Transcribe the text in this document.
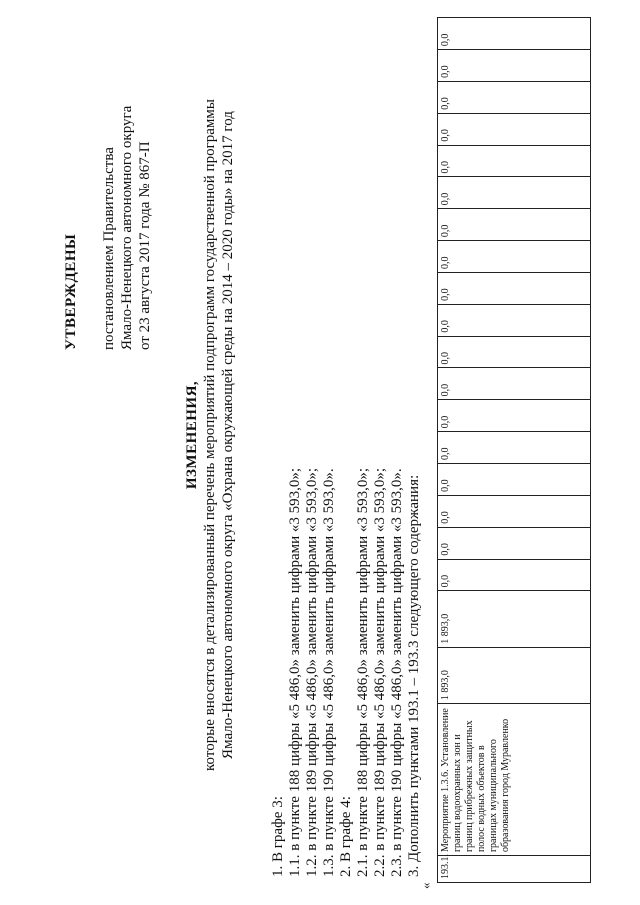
УТВЕРЖДЕНЫ постановлением Правительства Ямало-Ненецкого автономного округа от 23 августа 2017 года № 867-П
ИЗМЕНЕНИЯ, которые вносятся в детализированный перечень мероприятий подпрограмм государственной программы Ямало-Ненецкого автономного округа «Охрана окружающей среды на 2014 – 2020 годы» на 2017 год
1. В графе 3: 1.1. в пункте 188 цифры «5 486,0» заменить цифрами «3 593,0»; 1.2. в пункте 189 цифры «5 486,0» заменить цифрами «3 593,0»; 1.3. в пункте 190 цифры «5 486,0» заменить цифрами «3 593,0». 2. В графе 4: 2.1. в пункте 188 цифры «5 486,0» заменить цифрами «3 593,0»; 2.2. в пункте 189 цифры «5 486,0» заменить цифрами «3 593,0»; 2.3. в пункте 190 цифры «5 486,0» заменить цифрами «3 593,0». 3. Дополнить пунктами 193.1 – 193.3 следующего содержания:
«
193.1.	Мероприятие 1.3.6. Установление границ водоохранных зон и границ прибрежных защитных полос водных объектов в границах муниципального образования город Муравленко	1 893,0	1 893,0	0,0	0,0	0,0	0,0	0,0	0,0	0,0	0,0	0,0	0,0	0,0	0,0	0,0	0,0	0,0	0,0	0,0	0,0
